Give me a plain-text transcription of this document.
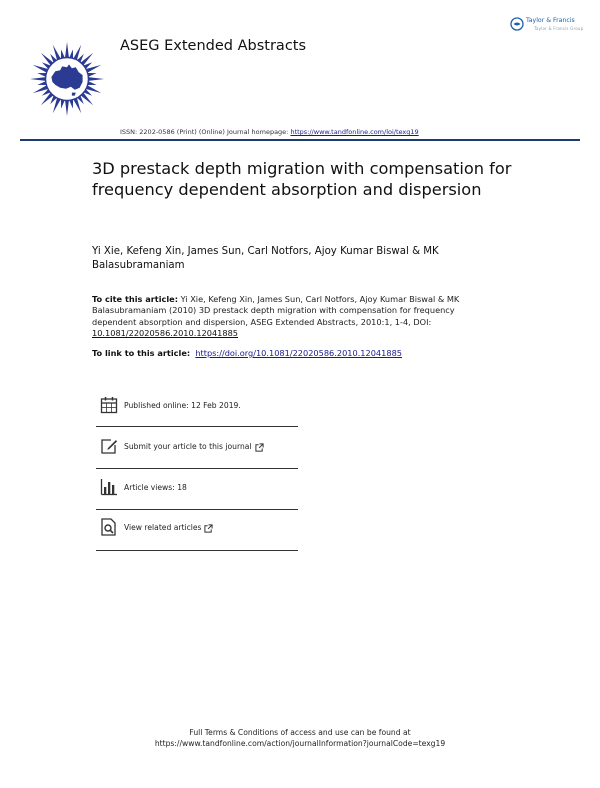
ASEG Extended Abstracts
Taylor & Francis
Taylor & Francis Group
ISSN: 2202-0586 (Print) (Online) Journal homepage: https://www.tandfonline.com/loi/texg19
3D prestack depth migration with compensation for frequency dependent absorption and dispersion
Yi Xie, Kefeng Xin, James Sun, Carl Notfors, Ajoy Kumar Biswal & MK Balasubramaniam
To cite this article: Yi Xie, Kefeng Xin, James Sun, Carl Notfors, Ajoy Kumar Biswal & MK Balasubramaniam (2010) 3D prestack depth migration with compensation for frequency dependent absorption and dispersion, ASEG Extended Abstracts, 2010:1, 1-4, DOI: 10.1081/22020586.2010.12041885
To link to this article: https://doi.org/10.1081/22020586.2010.12041885
Published online: 12 Feb 2019.
Submit your article to this journal
Article views: 18
View related articles
Full Terms & Conditions of access and use can be found at
https://www.tandfonline.com/action/journalInformation?journalCode=texg19
